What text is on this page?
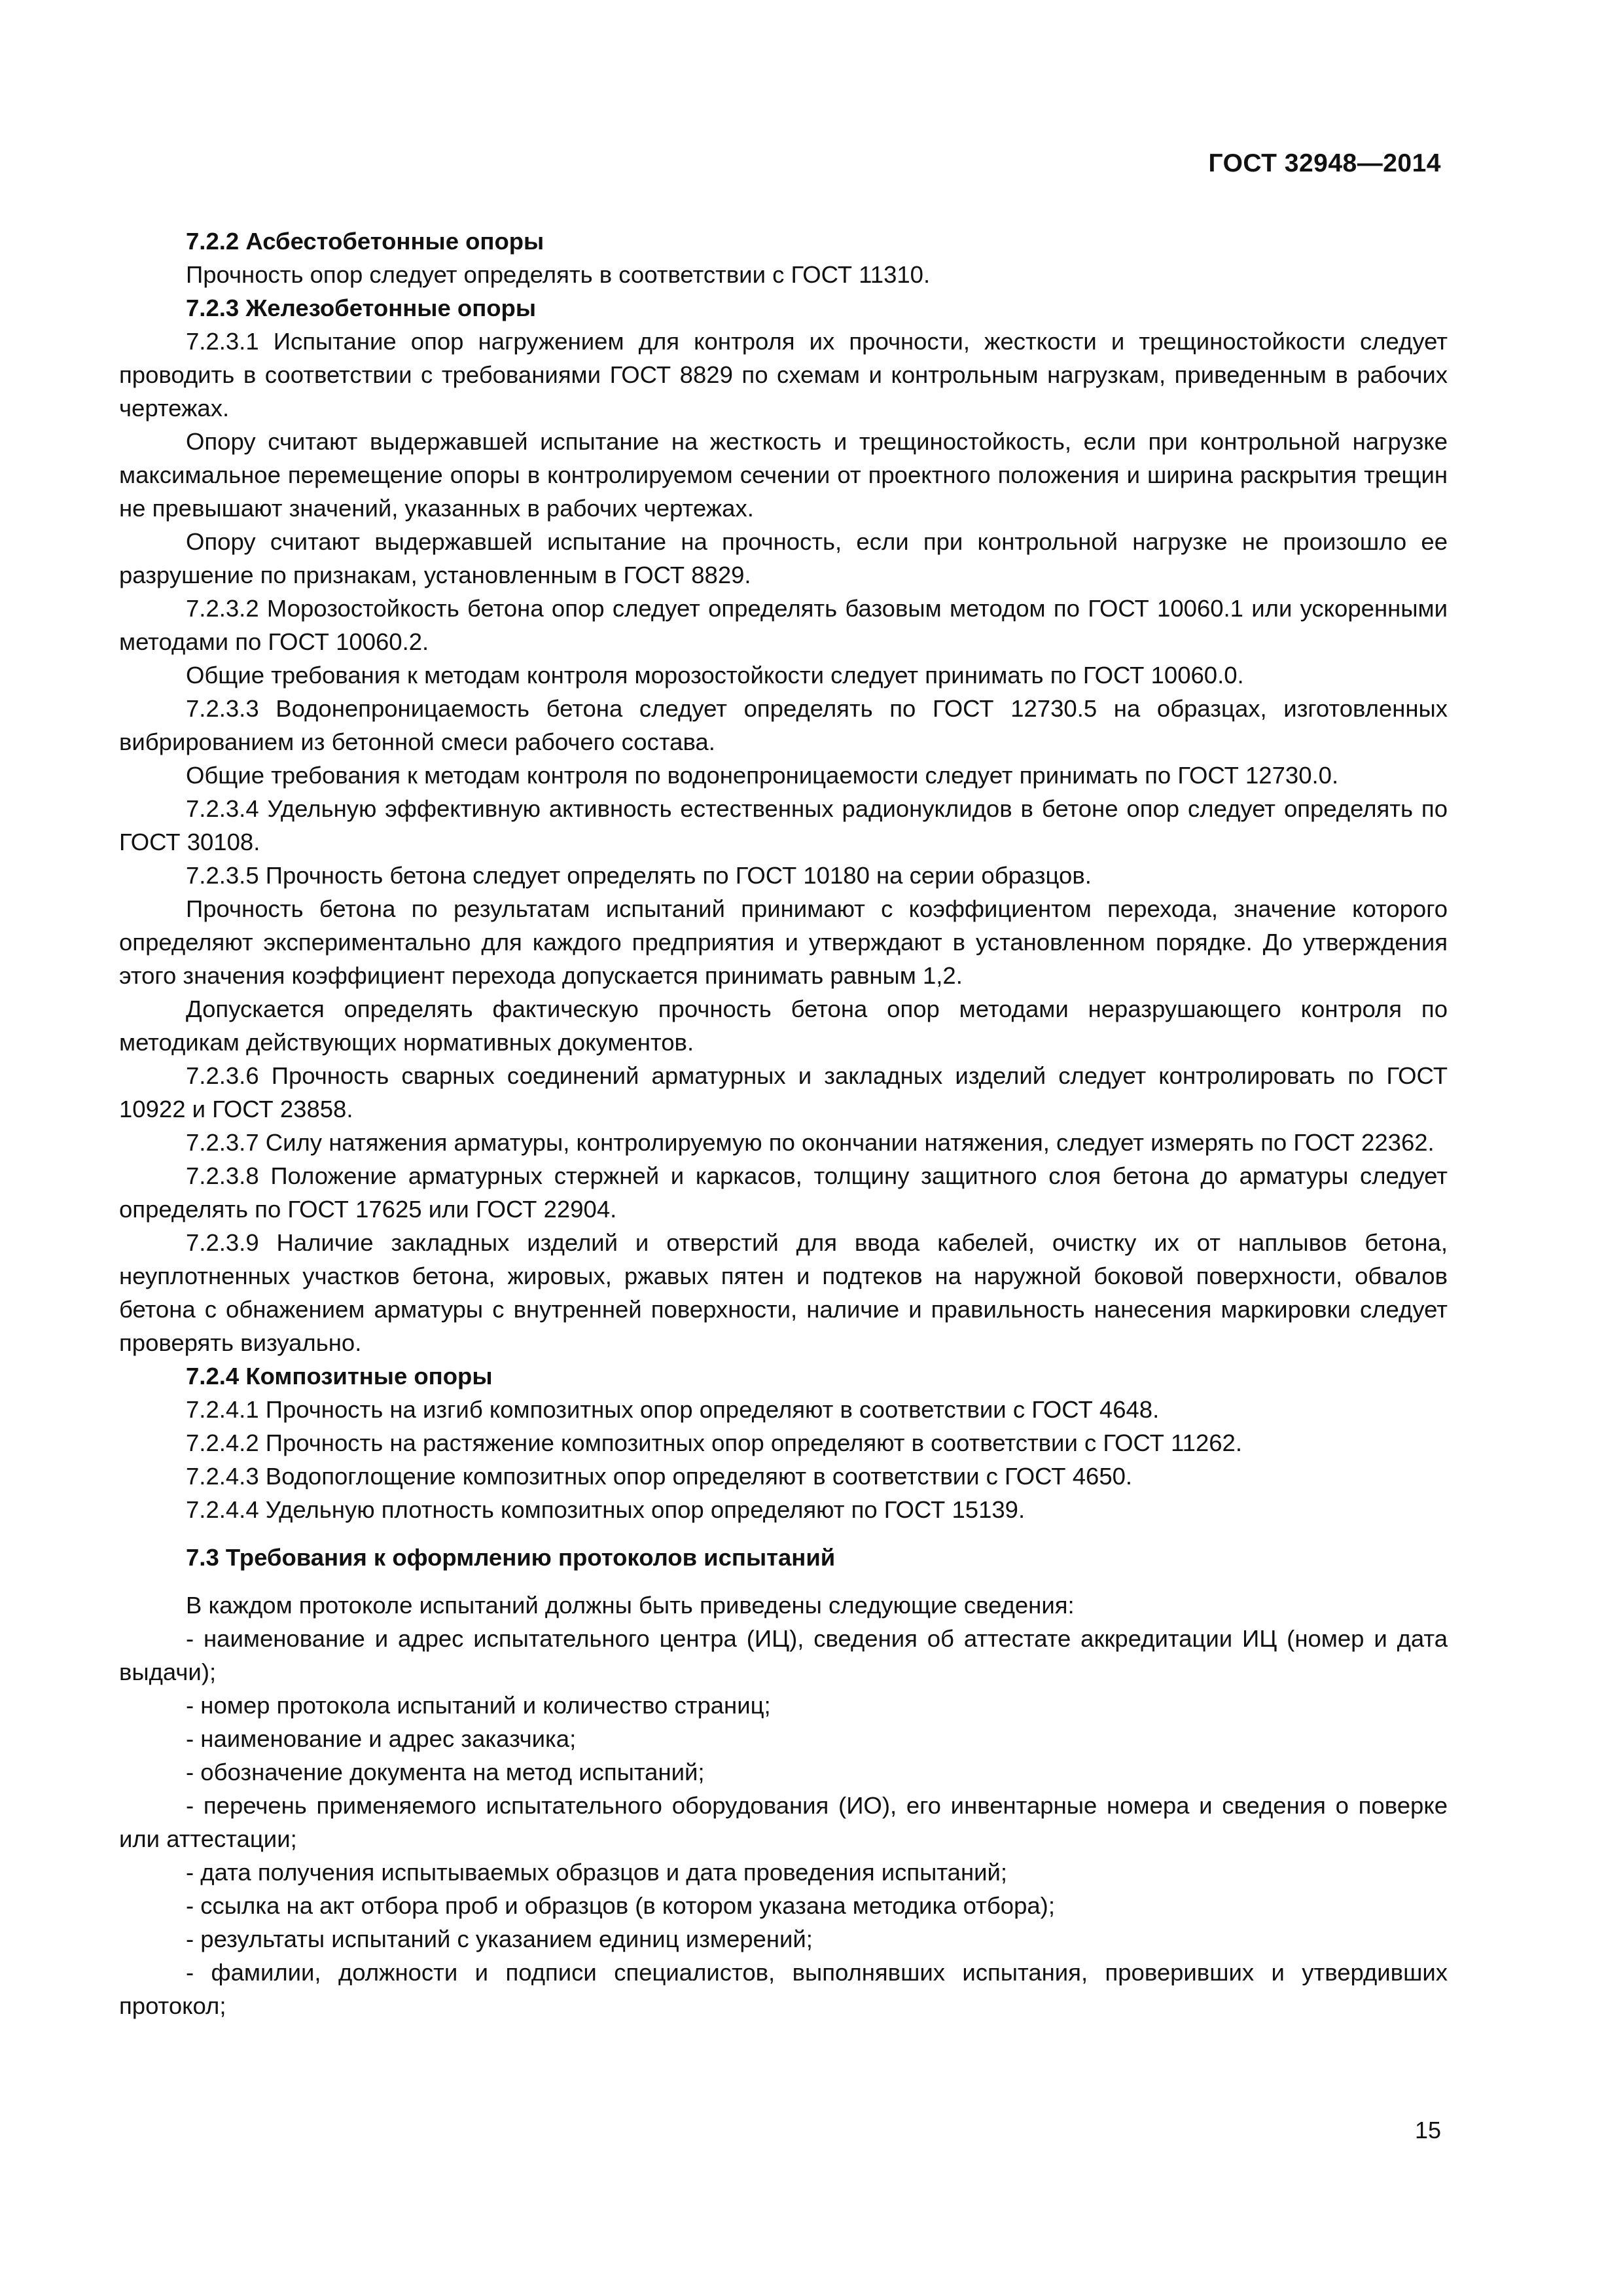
ГОСТ 32948—2014

7.2.2 Асбестобетонные опоры

Прочность опор следует определять в соответствии с ГОСТ 11310.

7.2.3 Железобетонные опоры

7.2.3.1 Испытание опор нагружением для контроля их прочности, жесткости и трещиностойкости следует проводить в соответствии с требованиями ГОСТ 8829 по схемам и контрольным нагрузкам, приведенным в рабочих чертежах.

Опору считают выдержавшей испытание на жесткость и трещиностойкость, если при контрольной нагрузке максимальное перемещение опоры в контролируемом сечении от проектного положения и ширина раскрытия трещин не превышают значений, указанных в рабочих чертежах.

Опору считают выдержавшей испытание на прочность, если при контрольной нагрузке не произошло ее разрушение по признакам, установленным в ГОСТ 8829.

7.2.3.2 Морозостойкость бетона опор следует определять базовым методом по ГОСТ 10060.1 или ускоренными методами по ГОСТ 10060.2.

Общие требования к методам контроля морозостойкости следует принимать по ГОСТ 10060.0.

7.2.3.3 Водонепроницаемость бетона следует определять по ГОСТ 12730.5 на образцах, изготовленных вибрированием из бетонной смеси рабочего состава.

Общие требования к методам контроля по водонепроницаемости следует принимать по ГОСТ 12730.0.

7.2.3.4 Удельную эффективную активность естественных радионуклидов в бетоне опор следует определять по ГОСТ 30108.

7.2.3.5 Прочность бетона следует определять по ГОСТ 10180 на серии образцов.

Прочность бетона по результатам испытаний принимают с коэффициентом перехода, значение которого определяют экспериментально для каждого предприятия и утверждают в установленном порядке. До утверждения этого значения коэффициент перехода допускается принимать равным 1,2.

Допускается определять фактическую прочность бетона опор методами неразрушающего контроля по методикам действующих нормативных документов.

7.2.3.6 Прочность сварных соединений арматурных и закладных изделий следует контролировать по ГОСТ 10922 и ГОСТ 23858.

7.2.3.7 Силу натяжения арматуры, контролируемую по окончании натяжения, следует измерять по ГОСТ 22362.

7.2.3.8 Положение арматурных стержней и каркасов, толщину защитного слоя бетона до арматуры следует определять по ГОСТ 17625 или ГОСТ 22904.

7.2.3.9 Наличие закладных изделий и отверстий для ввода кабелей, очистку их от наплывов бетона, неуплотненных участков бетона, жировых, ржавых пятен и подтеков на наружной боковой поверхности, обвалов бетона с обнажением арматуры с внутренней поверхности, наличие и правильность нанесения маркировки следует проверять визуально.

7.2.4 Композитные опоры

7.2.4.1 Прочность на изгиб композитных опор определяют в соответствии с ГОСТ 4648.

7.2.4.2 Прочность на растяжение композитных опор определяют в соответствии с ГОСТ 11262.

7.2.4.3 Водопоглощение композитных опор определяют в соответствии с ГОСТ 4650.

7.2.4.4 Удельную плотность композитных опор определяют по ГОСТ 15139.

7.3 Требования к оформлению протоколов испытаний

В каждом протоколе испытаний должны быть приведены следующие сведения:

- наименование и адрес испытательного центра (ИЦ), сведения об аттестате аккредитации ИЦ (номер и дата выдачи);

- номер протокола испытаний и количество страниц;

- наименование и адрес заказчика;

- обозначение документа на метод испытаний;

- перечень применяемого испытательного оборудования (ИО), его инвентарные номера и сведения о поверке или аттестации;

- дата получения испытываемых образцов и дата проведения испытаний;

- ссылка на акт отбора проб и образцов (в котором указана методика отбора);

- результаты испытаний с указанием единиц измерений;

- фамилии, должности и подписи специалистов, выполнявших испытания, проверивших и утвердивших протокол;

15
